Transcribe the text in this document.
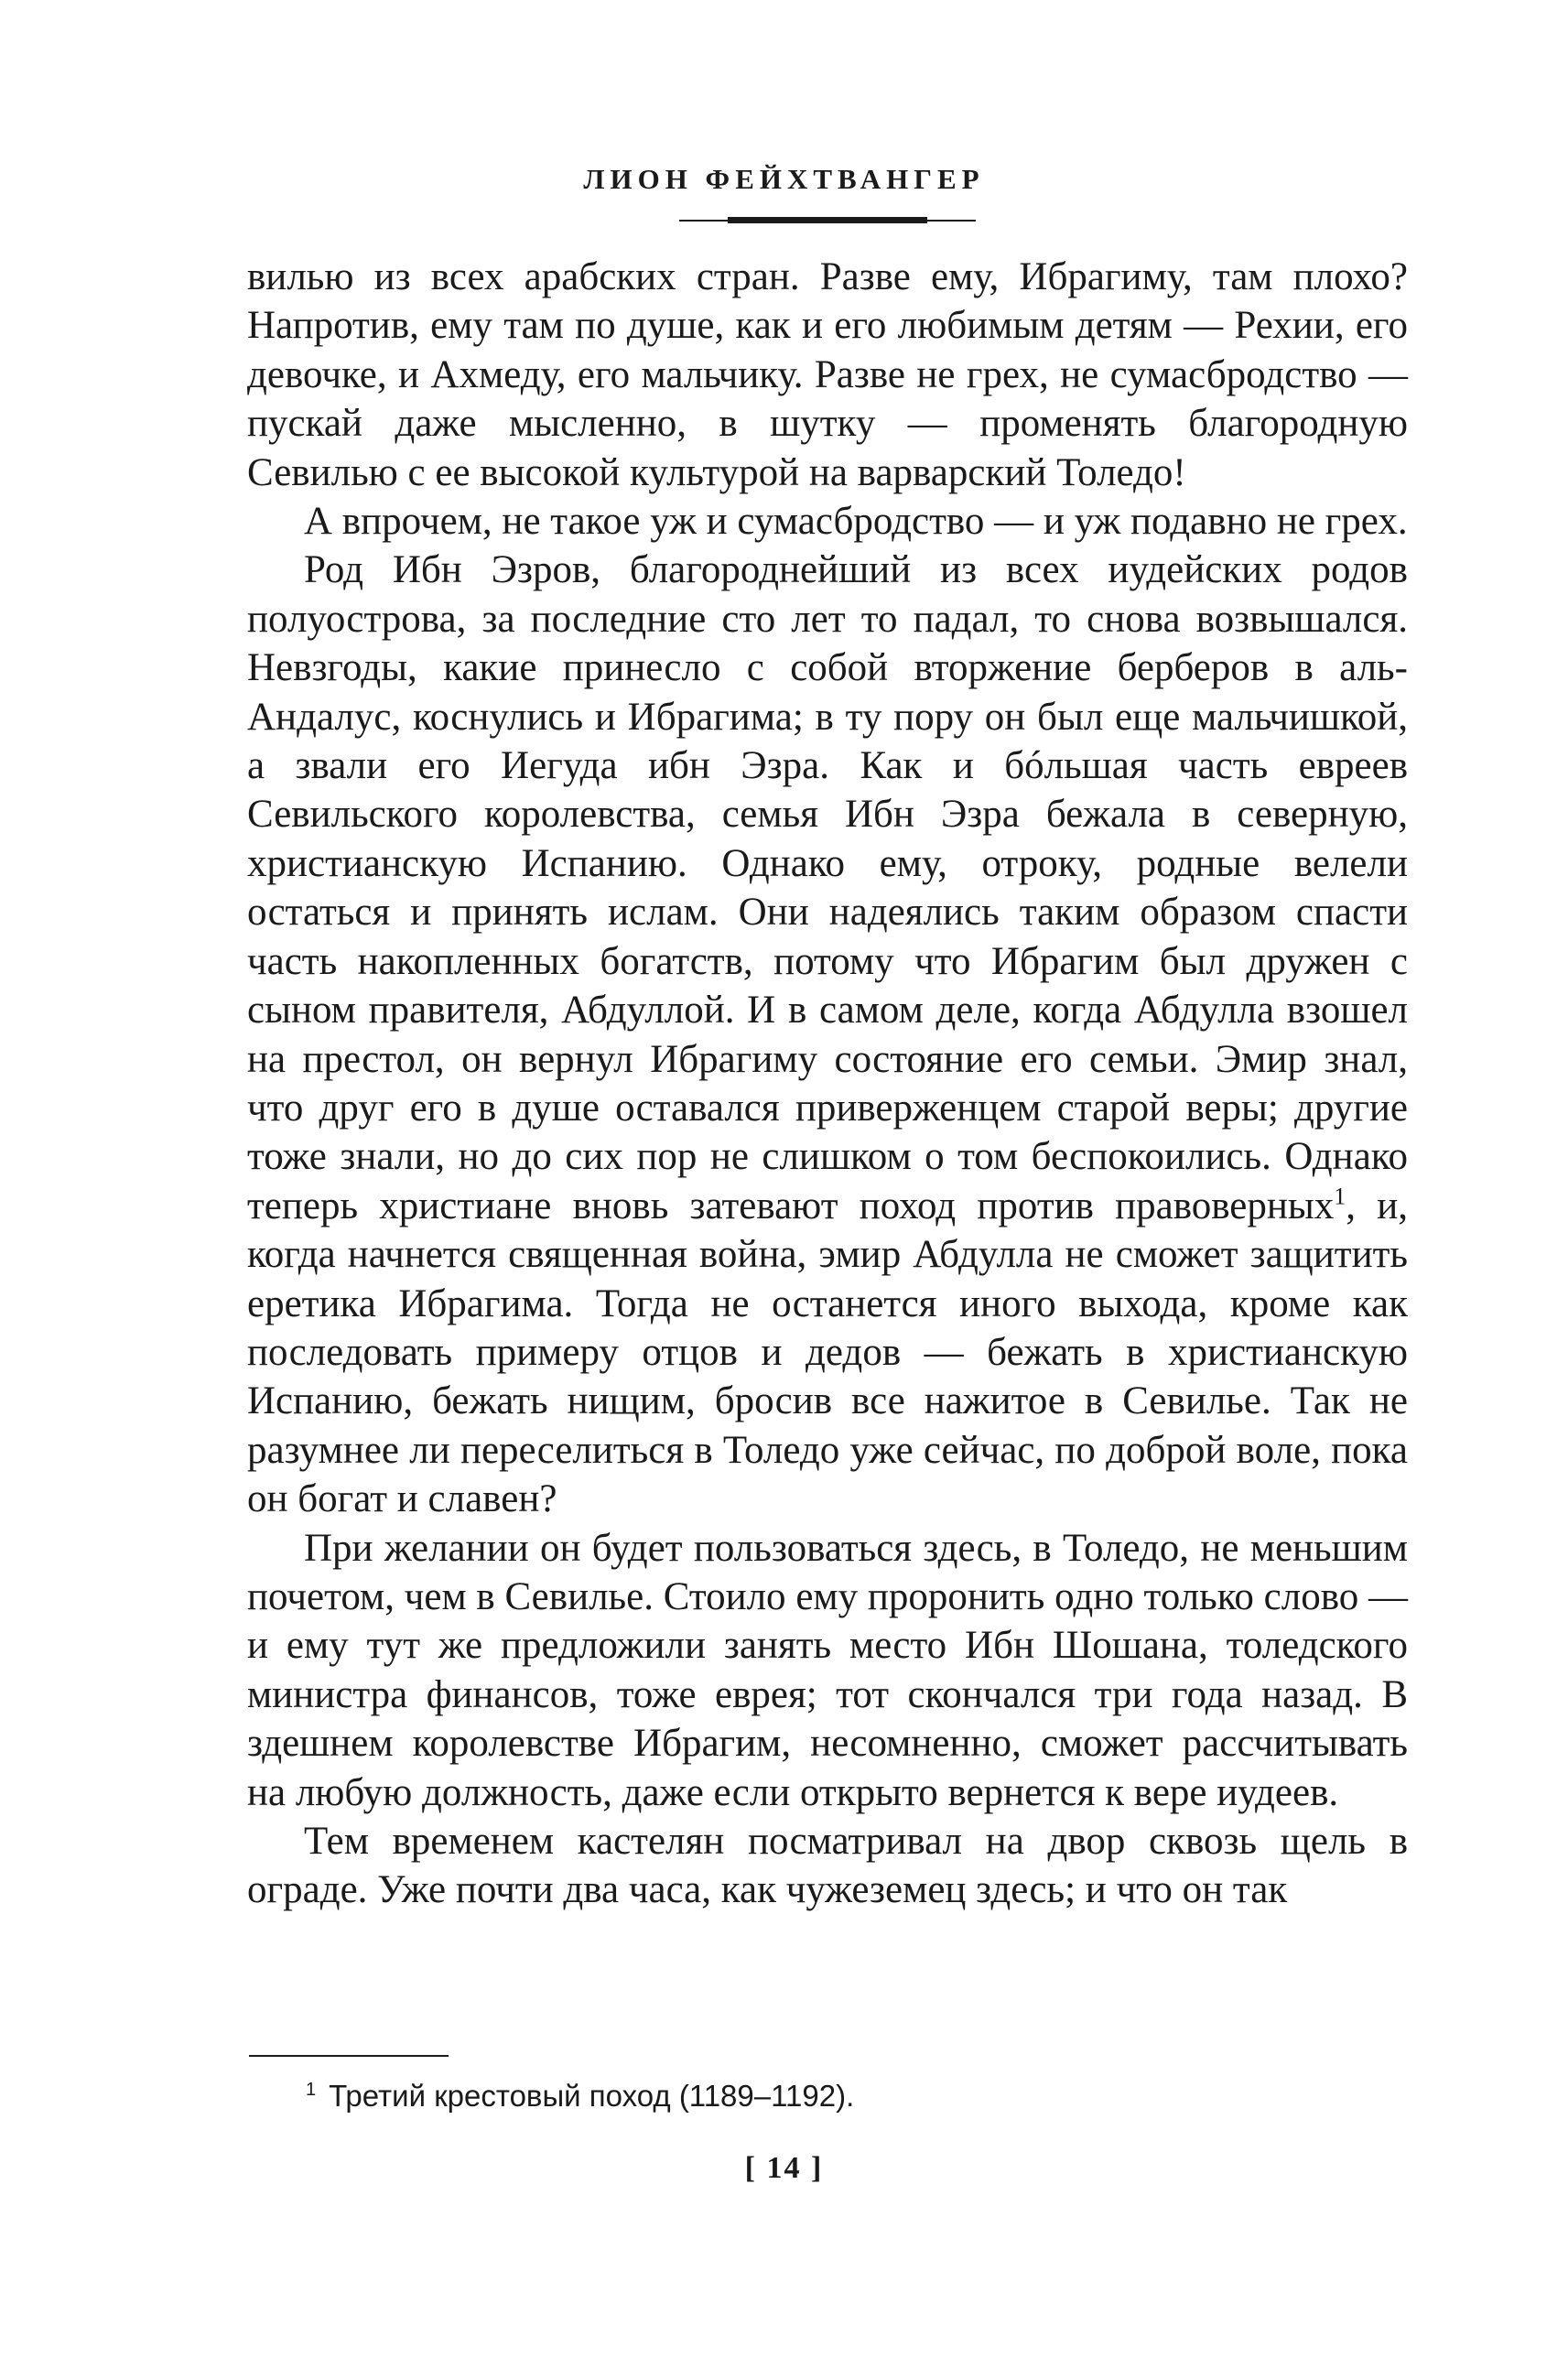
ЛИОН ФЕЙХТВАНГЕР

вилью из всех арабских стран. Разве ему, Ибрагиму, там плохо? Напротив, ему там по душе, как и его любимым детям — Рехии, его девочке, и Ахмеду, его мальчику. Разве не грех, не сумасбродство — пускай даже мысленно, в шутку — променять благородную Севилью с ее высокой культурой на варварский Толедо!

А впрочем, не такое уж и сумасбродство — и уж подавно не грех.

Род Ибн Эзров, благороднейший из всех иудейских родов полуострова, за последние сто лет то падал, то снова возвышался. Невзгоды, какие принесло с собой вторжение берберов в аль-Андалус, коснулись и Ибрагима; в ту пору он был еще мальчишкой, а звали его Иегуда ибн Эзра. Как и бóльшая часть евреев Севильского королевства, семья Ибн Эзра бежала в северную, христианскую Испанию. Однако ему, отроку, родные велели остаться и принять ислам. Они надеялись таким образом спасти часть накопленных богатств, потому что Ибрагим был дружен с сыном правителя, Абдуллой. И в самом деле, когда Абдулла взошел на престол, он вернул Ибрагиму состояние его семьи. Эмир знал, что друг его в душе оставался приверженцем старой веры; другие тоже знали, но до сих пор не слишком о том беспокоились. Однако теперь христиане вновь затевают поход против правоверных$^1$, и, когда начнется священная война, эмир Абдулла не сможет защитить еретика Ибрагима. Тогда не останется иного выхода, кроме как последовать примеру отцов и дедов — бежать в христианскую Испанию, бежать нищим, бросив все нажитое в Севилье. Так не разумнее ли переселиться в Толедо уже сейчас, по доброй воле, пока он богат и славен?

При желании он будет пользоваться здесь, в Толедо, не меньшим почетом, чем в Севилье. Стоило ему проронить одно только слово — и ему тут же предложили занять место Ибн Шошана, толедского министра финансов, тоже еврея; тот скончался три года назад. В здешнем королевстве Ибрагим, несомненно, сможет рассчитывать на любую должность, даже если открыто вернется к вере иудеев.

Тем временем кастелян посматривал на двор сквозь щель в ограде. Уже почти два часа, как чужеземец здесь; и что он так

$^1$ Третий крестовый поход (1189–1192).
[ 14 ]
